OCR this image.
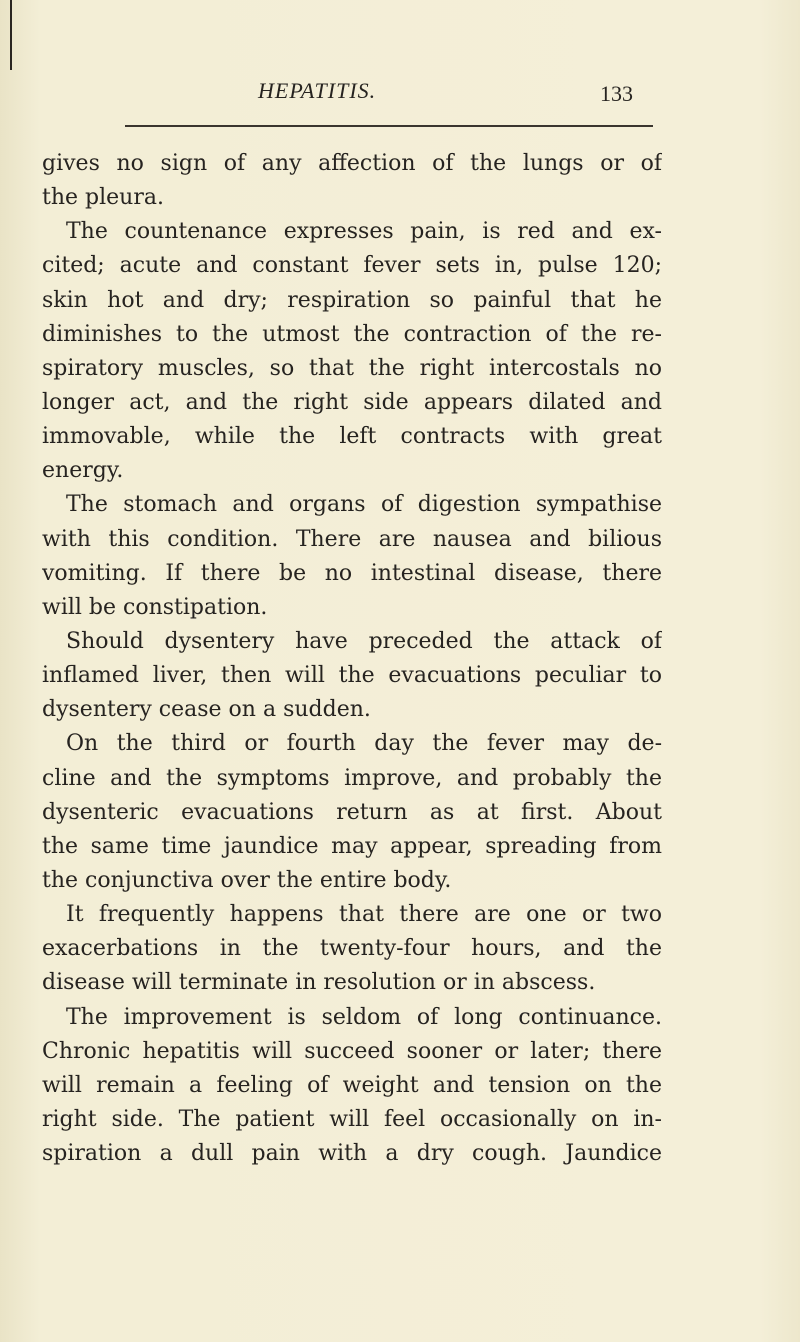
HEPATITIS.	133
gives no sign of any affection of the lungs or of
the pleura.
The countenance expresses pain, is red and ex-
cited; acute and constant fever sets in, pulse 120;
skin hot and dry; respiration so painful that he
diminishes to the utmost the contraction of the re-
spiratory muscles, so that the right intercostals no
longer act, and the right side appears dilated and
immovable, while the left contracts with great
energy.
The stomach and organs of digestion sympathise
with this condition. There are nausea and bilious
vomiting. If there be no intestinal disease, there
will be constipation.
Should dysentery have preceded the attack of
inflamed liver, then will the evacuations peculiar to
dysentery cease on a sudden.
On the third or fourth day the fever may de-
cline and the symptoms improve, and probably the
dysenteric evacuations return as at first. About
the same time jaundice may appear, spreading from
the conjunctiva over the entire body.
It frequently happens that there are one or two
exacerbations in the twenty-four hours, and the
disease will terminate in resolution or in abscess.
The improvement is seldom of long continuance.
Chronic hepatitis will succeed sooner or later; there
will remain a feeling of weight and tension on the
right side. The patient will feel occasionally on in-
spiration a dull pain with a dry cough. Jaundice
